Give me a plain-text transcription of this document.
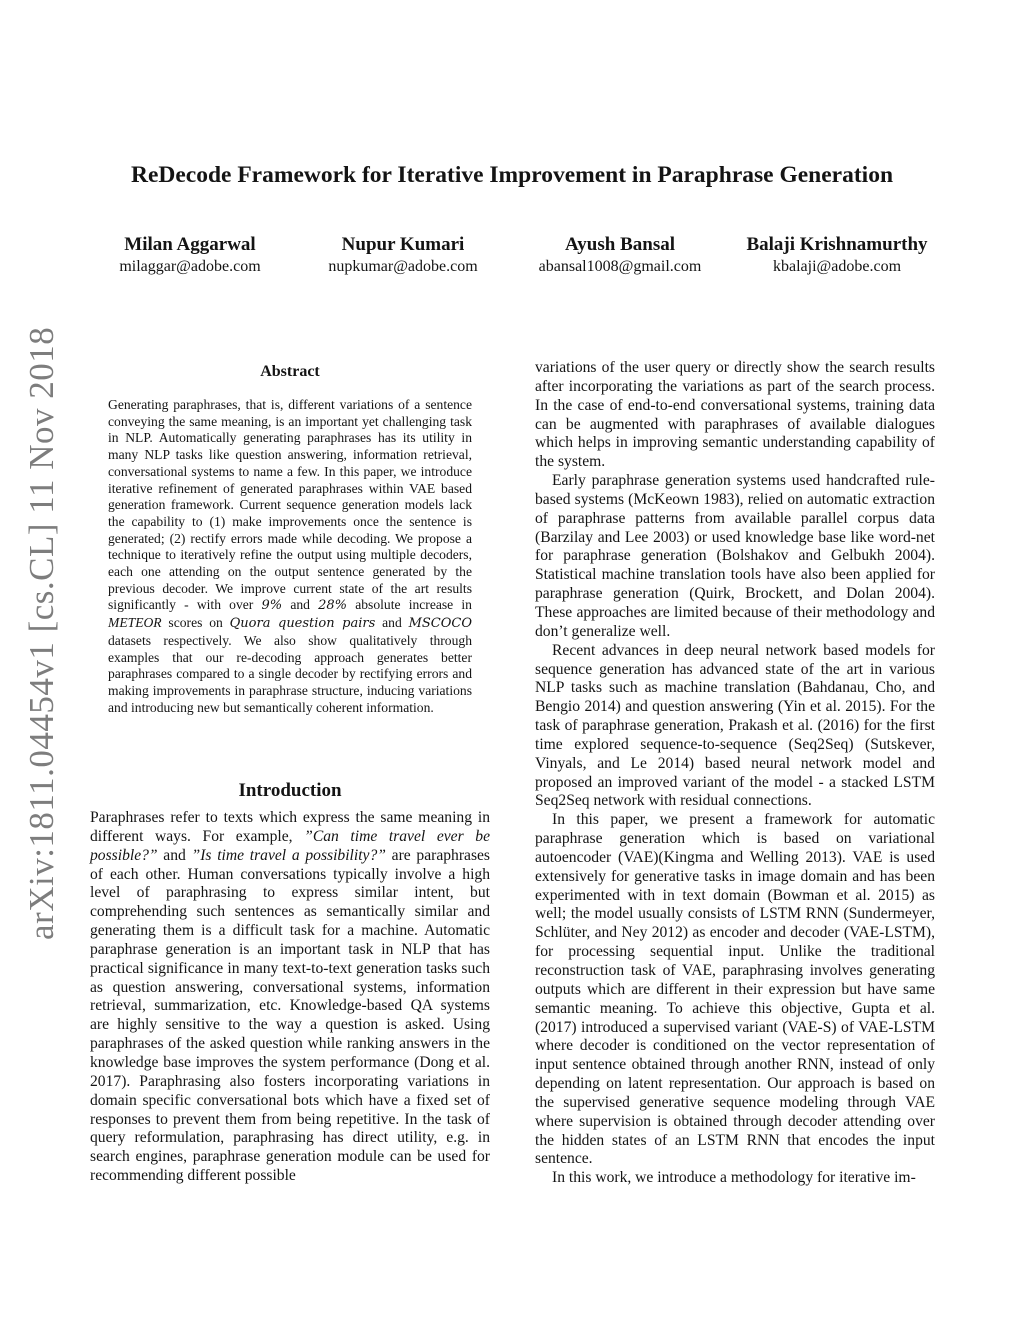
arXiv:1811.04454v1 [cs.CL] 11 Nov 2018
ReDecode Framework for Iterative Improvement in Paraphrase Generation
Milan Aggarwal
milaggar@adobe.com
Nupur Kumari
nupkumar@adobe.com
Ayush Bansal
abansal1008@gmail.com
Balaji Krishnamurthy
kbalaji@adobe.com
Abstract
Generating paraphrases, that is, different variations of a sentence conveying the same meaning, is an important yet challenging task in NLP. Automatically generating paraphrases has its utility in many NLP tasks like question answering, information retrieval, conversational systems to name a few. In this paper, we introduce iterative refinement of generated paraphrases within VAE based generation framework. Current sequence generation models lack the capability to (1) make improvements once the sentence is generated; (2) rectify errors made while decoding. We propose a technique to iteratively refine the output using multiple decoders, each one attending on the output sentence generated by the previous decoder. We improve current state of the art results significantly - with over 9% and 28% absolute increase in METEOR scores on Quora question pairs and MSCOCO datasets respectively. We also show qualitatively through examples that our re-decoding approach generates better paraphrases compared to a single decoder by rectifying errors and making improvements in paraphrase structure, inducing variations and introducing new but semantically coherent information.
Introduction

Paraphrases refer to texts which express the same meaning in different ways. For example, ”Can time travel ever be possible?” and ”Is time travel a possibility?” are paraphrases of each other. Human conversations typically involve a high level of paraphrasing to express similar intent, but comprehending such sentences as semantically similar and generating them is a difficult task for a machine. Automatic paraphrase generation is an important task in NLP that has practical significance in many text-to-text generation tasks such as question answering, conversational systems, information retrieval, summarization, etc. Knowledge-based QA systems are highly sensitive to the way a question is asked. Using paraphrases of the asked question while ranking answers in the knowledge base improves the system performance (Dong et al. 2017). Paraphrasing also fosters incorporating variations in domain specific conversational bots which have a fixed set of responses to prevent them from being repetitive. In the task of query reformulation, paraphrasing has direct utility, e.g. in search engines, paraphrase generation module can be used for recommending different possible

variations of the user query or directly show the search results after incorporating the variations as part of the search process. In the case of end-to-end conversational systems, training data can be augmented with paraphrases of available dialogues which helps in improving semantic understanding capability of the system.

Early paraphrase generation systems used handcrafted rule-based systems (McKeown 1983), relied on automatic extraction of paraphrase patterns from available parallel corpus data (Barzilay and Lee 2003) or used knowledge base like word-net for paraphrase generation (Bolshakov and Gelbukh 2004). Statistical machine translation tools have also been applied for paraphrase generation (Quirk, Brockett, and Dolan 2004). These approaches are limited because of their methodology and don’t generalize well.

Recent advances in deep neural network based models for sequence generation has advanced state of the art in various NLP tasks such as machine translation (Bahdanau, Cho, and Bengio 2014) and question answering (Yin et al. 2015). For the task of paraphrase generation, Prakash et al. (2016) for the first time explored sequence-to-sequence (Seq2Seq) (Sutskever, Vinyals, and Le 2014) based neural network model and proposed an improved variant of the model - a stacked LSTM Seq2Seq network with residual connections.

In this paper, we present a framework for automatic paraphrase generation which is based on variational autoencoder (VAE)(Kingma and Welling 2013). VAE is used extensively for generative tasks in image domain and has been experimented with in text domain (Bowman et al. 2015) as well; the model usually consists of LSTM RNN (Sundermeyer, Schlüter, and Ney 2012) as encoder and decoder (VAE-LSTM), for processing sequential input. Unlike the traditional reconstruction task of VAE, paraphrasing involves generating outputs which are different in their expression but have same semantic meaning. To achieve this objective, Gupta et al. (2017) introduced a supervised variant (VAE-S) of VAE-LSTM where decoder is conditioned on the vector representation of input sentence obtained through another RNN, instead of only depending on latent representation. Our approach is based on the supervised generative sequence modeling through VAE where supervision is obtained through decoder attending over the hidden states of an LSTM RNN that encodes the input sentence.

In this work, we introduce a methodology for iterative im-
